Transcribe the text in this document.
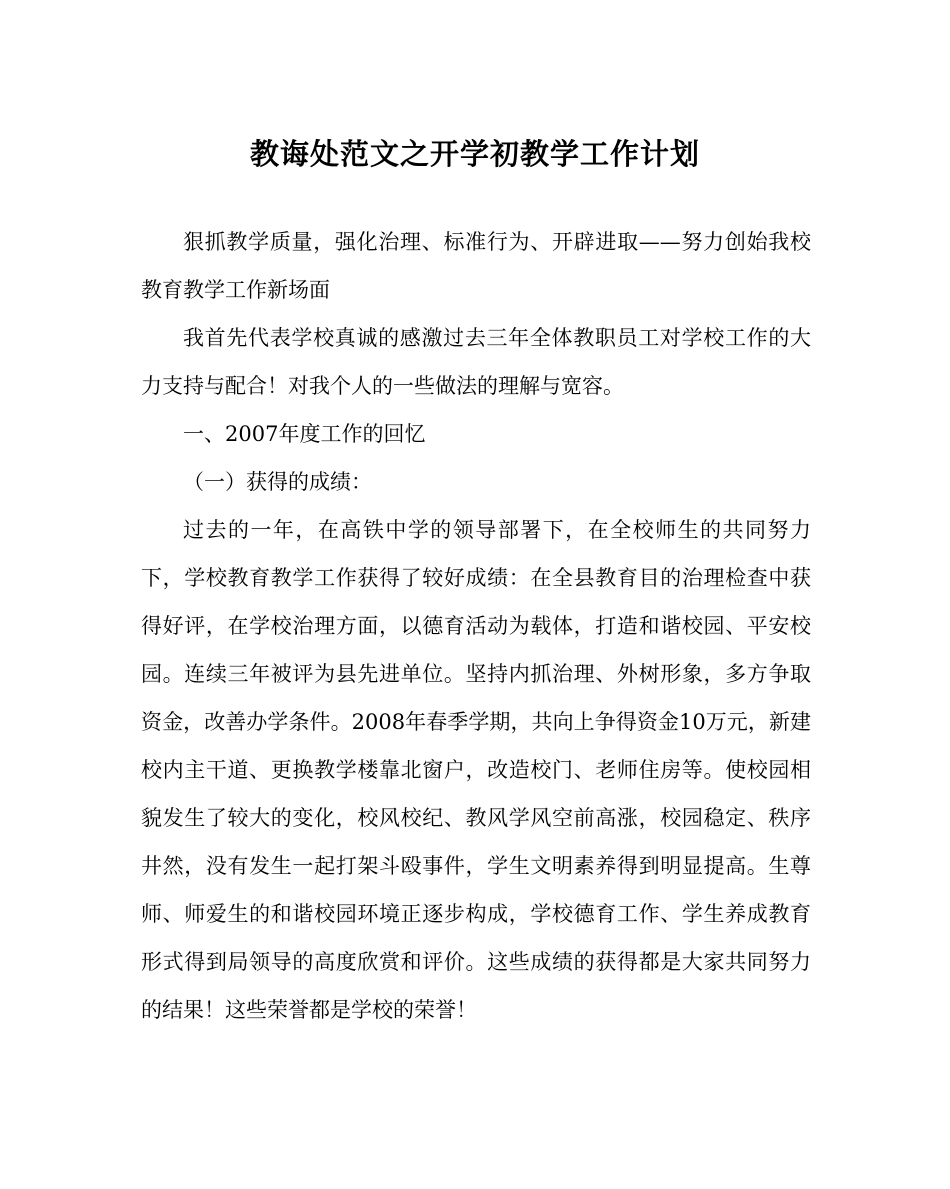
教诲处范文之开学初教学工作计划

狠抓教学质量，强化治理、标准行为、开辟进取——努力创始我校教育教学工作新场面

我首先代表学校真诚的感激过去三年全体教职员工对学校工作的大力支持与配合！对我个人的一些做法的理解与宽容。

一、2007年度工作的回忆

（一）获得的成绩：

过去的一年，在高铁中学的领导部署下，在全校师生的共同努力下，学校教育教学工作获得了较好成绩：在全县教育目的治理检查中获得好评，在学校治理方面，以德育活动为载体，打造和谐校园、平安校园。连续三年被评为县先进单位。坚持内抓治理、外树形象，多方争取资金，改善办学条件。2008年春季学期，共向上争得资金10万元，新建校内主干道、更换教学楼靠北窗户，改造校门、老师住房等。使校园相貌发生了较大的变化，校风校纪、教风学风空前高涨，校园稳定、秩序井然，没有发生一起打架斗殴事件，学生文明素养得到明显提高。生尊师、师爱生的和谐校园环境正逐步构成，学校德育工作、学生养成教育形式得到局领导的高度欣赏和评价。这些成绩的获得都是大家共同努力的结果！这些荣誉都是学校的荣誉！
